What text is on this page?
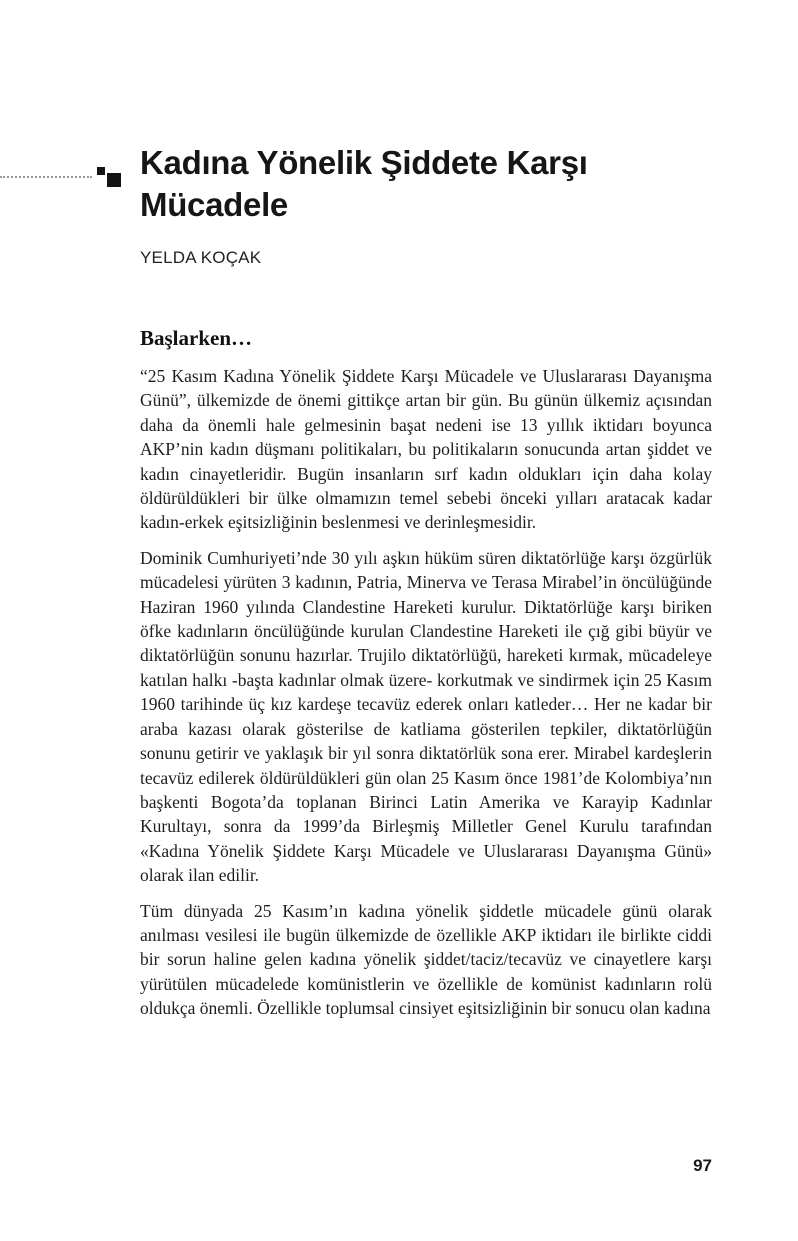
Kadına Yönelik Şiddete Karşı Mücadele
YELDA KOÇAK
Başlarken…

“25 Kasım Kadına Yönelik Şiddete Karşı Mücadele ve Uluslararası Dayanışma Günü”, ülkemizde de önemi gittikçe artan bir gün. Bu günün ülkemiz açısından daha da önemli hale gelmesinin başat nedeni ise 13 yıllık iktidarı boyunca AKP’nin kadın düşmanı politikaları, bu politikaların sonucunda artan şiddet ve kadın cinayetleridir. Bugün insanların sırf kadın oldukları için daha kolay öldürüldükleri bir ülke olmamızın temel sebebi önceki yılları aratacak kadar kadın-erkek eşitsizliğinin beslenmesi ve derinleşmesidir.

Dominik Cumhuriyeti’nde 30 yılı aşkın hüküm süren diktatörlüğe karşı özgürlük mücadelesi yürüten 3 kadının, Patria, Minerva ve Terasa Mirabel’in öncülüğünde Haziran 1960 yılında Clandestine Hareketi kurulur. Diktatörlüğe karşı biriken öfke kadınların öncülüğünde kurulan Clandestine Hareketi ile çığ gibi büyür ve diktatörlüğün sonunu hazırlar. Trujilo diktatörlüğü, hareketi kırmak, mücadeleye katılan halkı -başta kadınlar olmak üzere- korkutmak ve sindirmek için 25 Kasım 1960 tarihinde üç kız kardeşe tecavüz ederek onları katleder… Her ne kadar bir araba kazası olarak gösterilse de katliama gösterilen tepkiler, diktatörlüğün sonunu getirir ve yaklaşık bir yıl sonra diktatörlük sona erer. Mirabel kardeşlerin tecavüz edilerek öldürüldükleri gün olan 25 Kasım önce 1981’de Kolombiya’nın başkenti Bogota’da toplanan Birinci Latin Amerika ve Karayip Kadınlar Kurultayı, sonra da 1999’da Birleşmiş Milletler Genel Kurulu tarafından «Kadına Yönelik Şiddete Karşı Mücadele ve Uluslararası Dayanışma Günü» olarak ilan edilir.

Tüm dünyada 25 Kasım’ın kadına yönelik şiddetle mücadele günü olarak anılması vesilesi ile bugün ülkemizde de özellikle AKP iktidarı ile birlikte ciddi bir sorun haline gelen kadına yönelik şiddet/taciz/tecavüz ve cinayetlere karşı yürütülen mücadelede komünistlerin ve özellikle de komünist kadınların rolü oldukça önemli. Özellikle toplumsal cinsiyet eşitsizliğinin bir sonucu olan kadına

97
